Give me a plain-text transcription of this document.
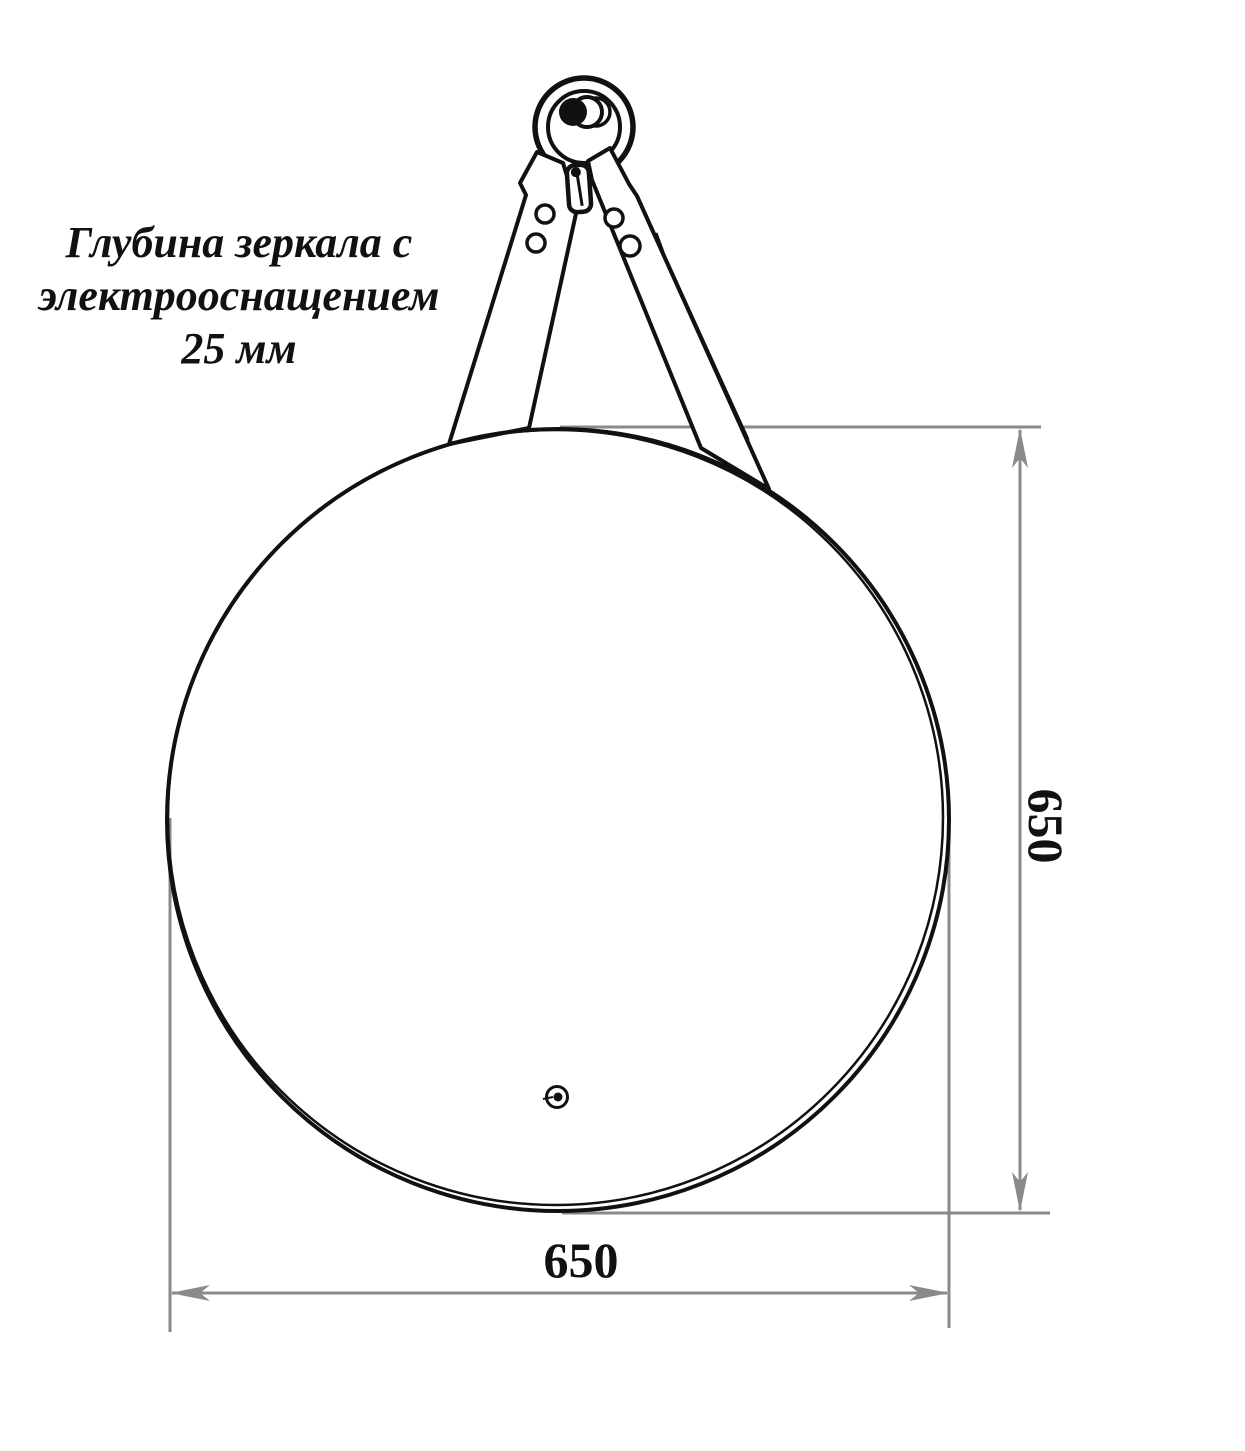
Глубина зеркала с
электрооснащением
25 мм
650
650
